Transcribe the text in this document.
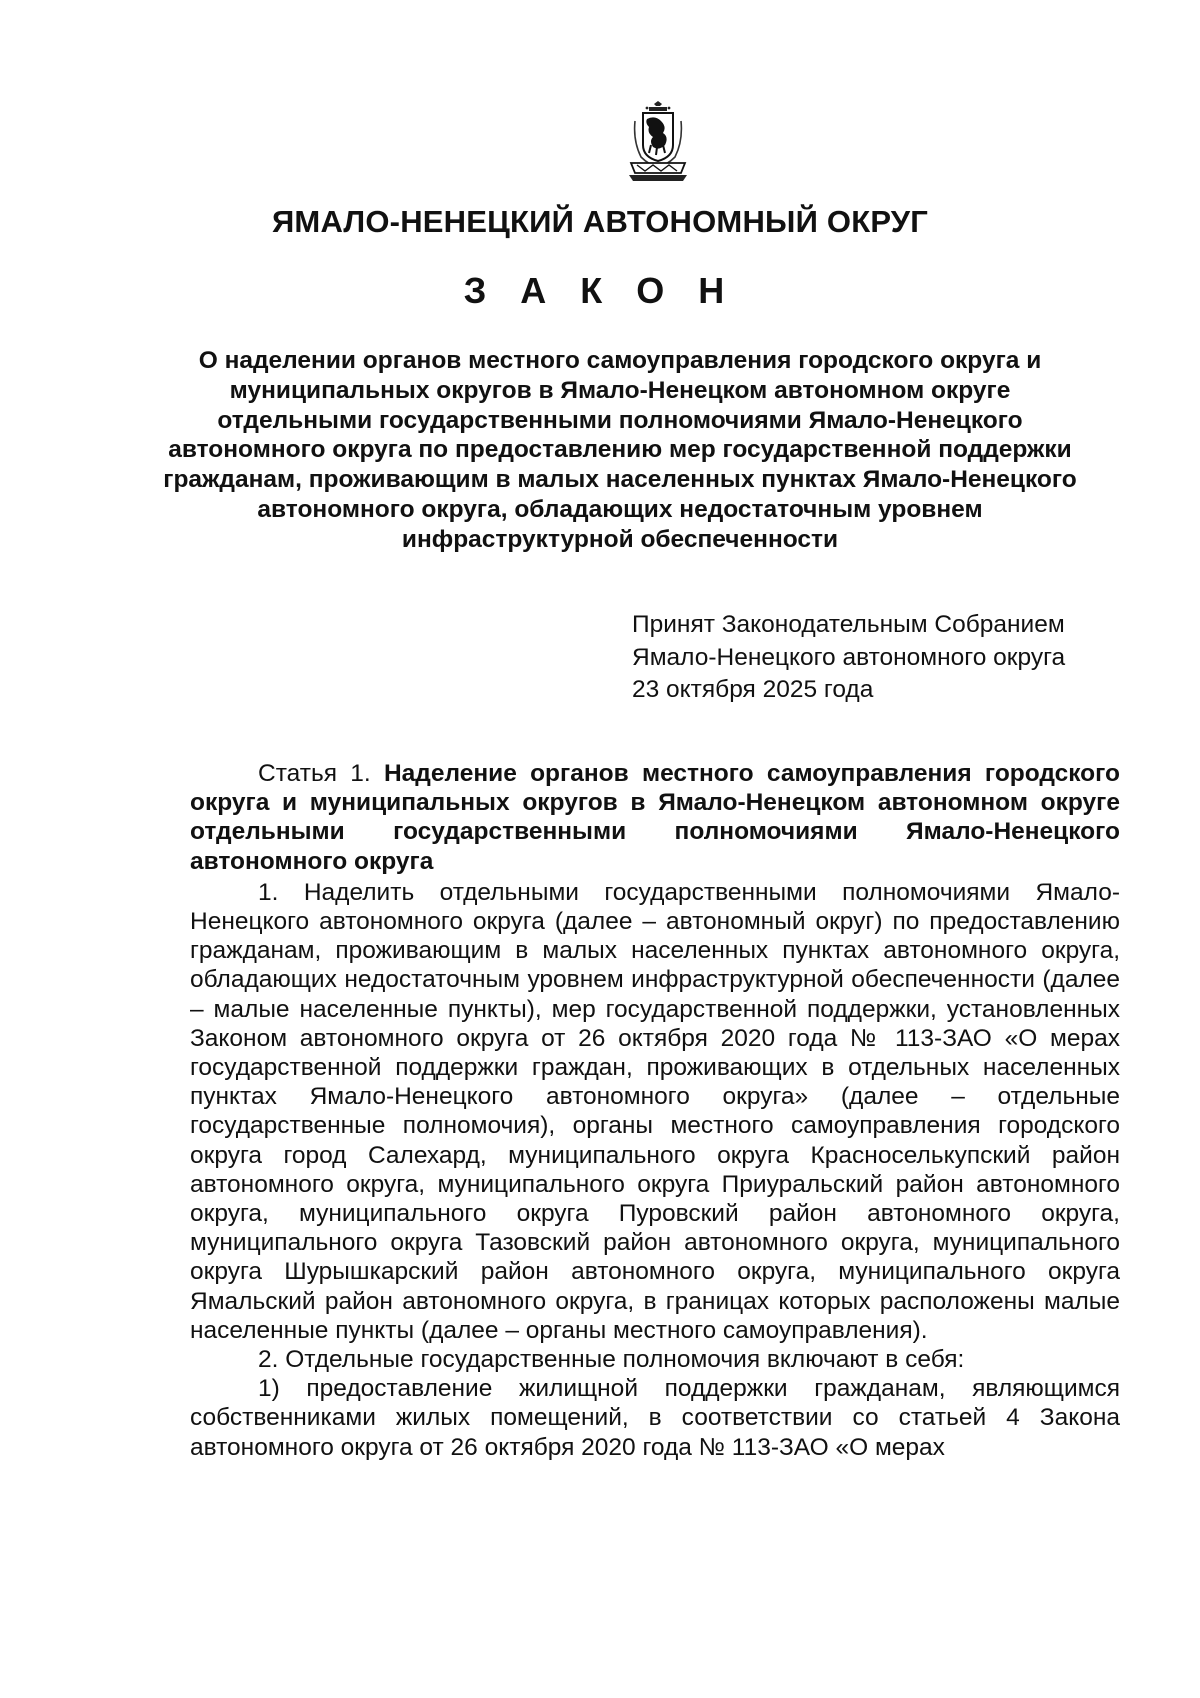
ЯМАЛО-НЕНЕЦКИЙ АВТОНОМНЫЙ ОКРУГ
З А К О Н

О наделении органов местного самоуправления городского округа и муниципальных округов в Ямало-Ненецком автономном округе отдельными государственными полномочиями Ямало-Ненецкого автономного округа по предоставлению мер государственной поддержки гражданам, проживающим в малых населенных пунктах Ямало-Ненецкого автономного округа, обладающих недостаточным уровнем инфраструктурной обеспеченности

Принят Законодательным Собранием
Ямало-Ненецкого автономного округа
23 октября 2025 года

Статья 1. Наделение органов местного самоуправления городского округа и муниципальных округов в Ямало-Ненецком автономном округе отдельными государственными полномочиями Ямало-Ненецкого автономного округа

1. Наделить отдельными государственными полномочиями Ямало-Ненецкого автономного округа (далее – автономный округ) по предоставлению гражданам, проживающим в малых населенных пунктах автономного округа, обладающих недостаточным уровнем инфраструктурной обеспеченности (далее – малые населенные пункты), мер государственной поддержки, установленных Законом автономного округа от 26 октября 2020 года № 113-ЗАО «О мерах государственной поддержки граждан, проживающих в отдельных населенных пунктах Ямало-Ненецкого автономного округа» (далее – отдельные государственные полномочия), органы местного самоуправления городского округа город Салехард, муниципального округа Красноселькупский район автономного округа, муниципального округа Приуральский район автономного округа, муниципального округа Пуровский район автономного округа, муниципального округа Тазовский район автономного округа, муниципального округа Шурышкарский район автономного округа, муниципального округа Ямальский район автономного округа, в границах которых расположены малые населенные пункты (далее – органы местного самоуправления).

2. Отдельные государственные полномочия включают в себя:

1) предоставление жилищной поддержки гражданам, являющимся собственниками жилых помещений, в соответствии со статьей 4 Закона автономного округа от 26 октября 2020 года № 113-ЗАО «О мерах
